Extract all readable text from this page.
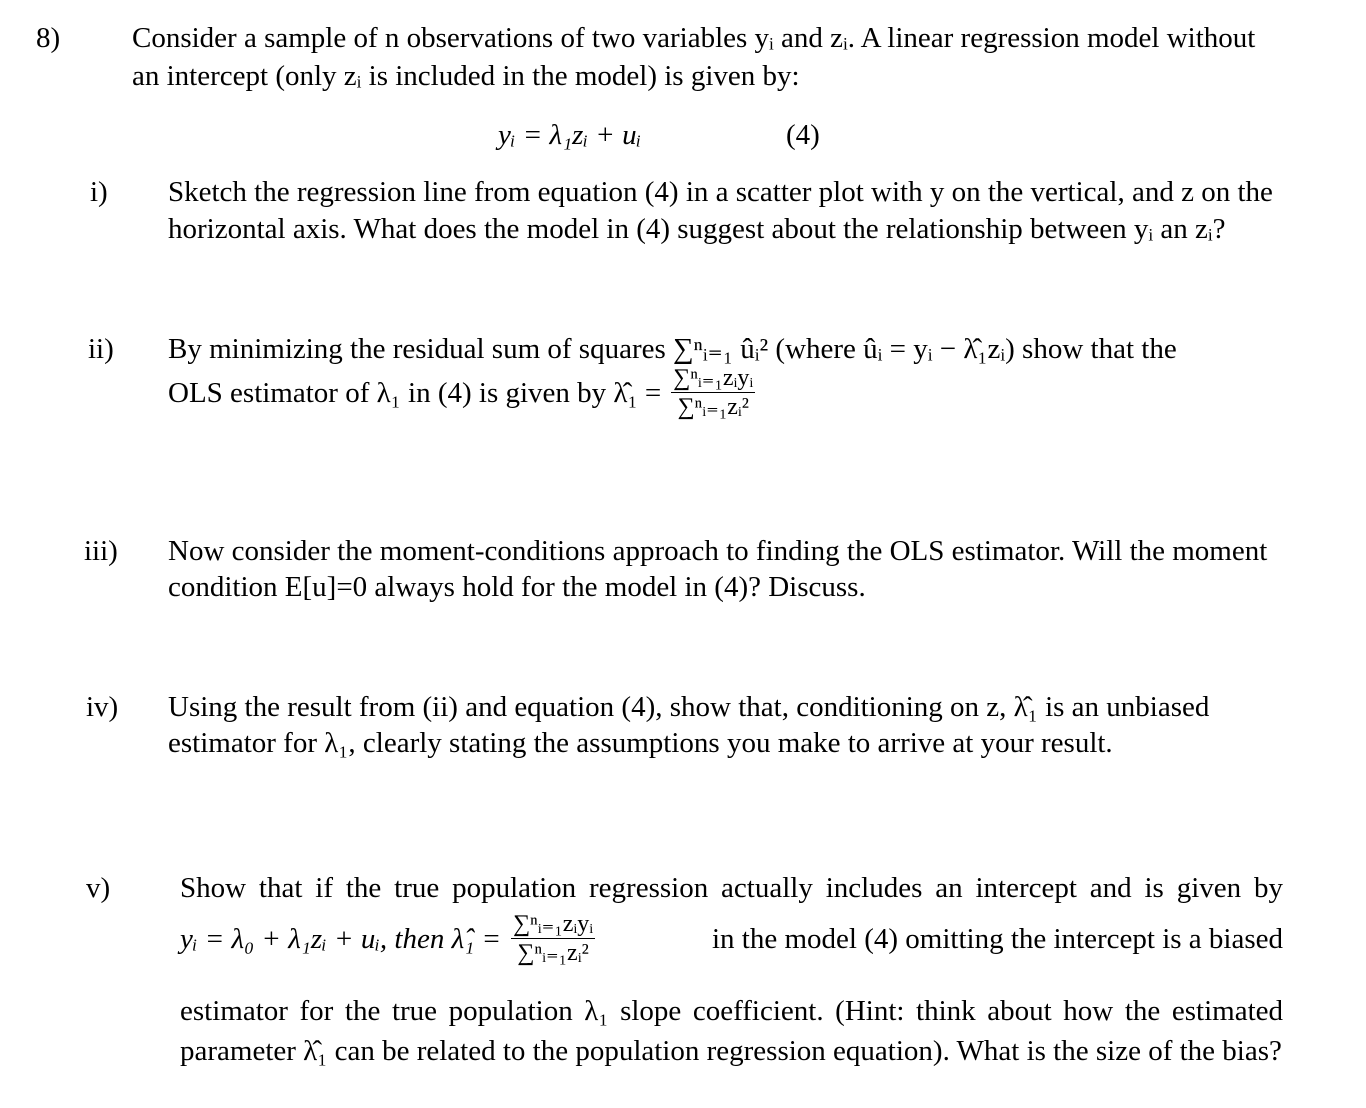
8) Consider a sample of n observations of two variables yᵢ and zᵢ. A linear regression model without
an intercept (only zᵢ is included in the model) is given by:
yᵢ = λ₁zᵢ + uᵢ	(4)
i) Sketch the regression line from equation (4) in a scatter plot with y on the vertical, and z on the
horizontal axis. What does the model in (4) suggest about the relationship between yᵢ an zᵢ?
ii) By minimizing the residual sum of squares ∑ⁿᵢ₌₁ ûᵢ² (where ûᵢ = yᵢ − λ̂₁zᵢ) show that the
OLS estimator of λ₁ in (4) is given by λ̂₁ = $\frac{\text{∑ⁿᵢ₌₁zᵢyᵢ}}{\text{∑ⁿᵢ₌₁zᵢ²}}$
iii) Now consider the moment-conditions approach to finding the OLS estimator. Will the moment
condition E[u]=0 always hold for the model in (4)? Discuss.
iv) Using the result from (ii) and equation (4), show that, conditioning on z, λ̂₁ is an unbiased
estimator for λ₁, clearly stating the assumptions you make to arrive at your result.
v) Show that if the true population regression actually includes an intercept and is given by
yᵢ = λ₀ + λ₁zᵢ + uᵢ, then λ̂₁ = $\frac{\text{∑ⁿᵢ₌₁zᵢyᵢ}}{\text{∑ⁿᵢ₌₁zᵢ²}}$	in the model (4) omitting the intercept is a biased
estimator for the true population λ₁ slope coefficient. (Hint: think about how the estimated
parameter λ̂₁ can be related to the population regression equation). What is the size of the bias?
